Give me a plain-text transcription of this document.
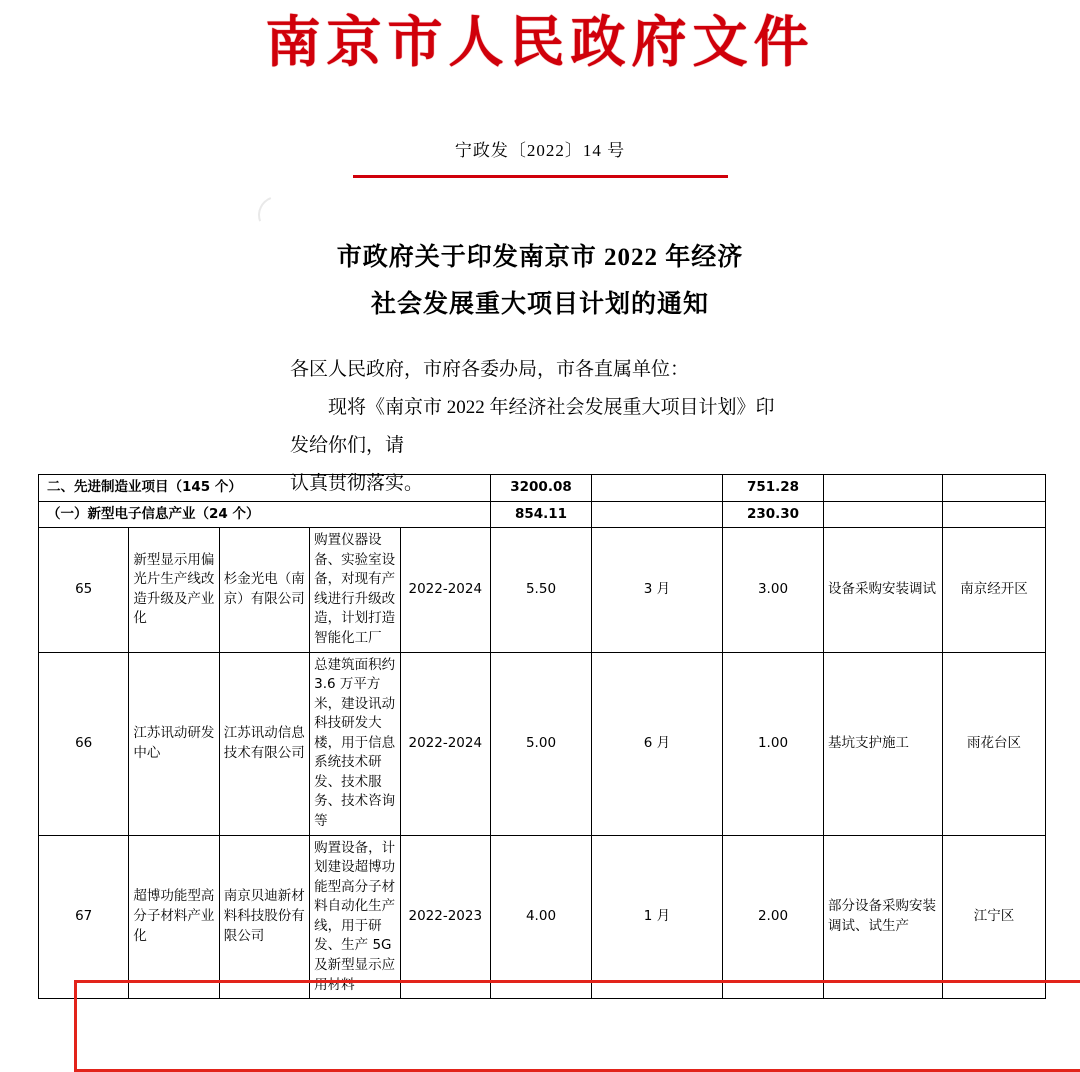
南京市人民政府文件
宁政发〔2022〕14 号
市政府关于印发南京市 2022 年经济
社会发展重大项目计划的通知

各区人民政府，市府各委办局，市各直属单位：

现将《南京市 2022 年经济社会发展重大项目计划》印发给你们，请

认真贯彻落实。

二、先进制造业项目（145 个）					3200.08		751.28		
（一）新型电子信息产业（24 个）					854.11		230.30		
65	新型显示用偏光片生产线改造升级及产业化	杉金光电（南京）有限公司	购置仪器设备、实验室设备，对现有产线进行升级改造，计划打造智能化工厂	2022-2024	5.50	3 月	3.00	设备采购安装调试	南京经开区
66	江苏讯动研发中心	江苏讯动信息技术有限公司	总建筑面积约 3.6 万平方米，建设讯动科技研发大楼，用于信息系统技术研发、技术服务、技术咨询等	2022-2024	5.00	6 月	1.00	基坑支护施工	雨花台区
67	超博功能型高分子材料产业化	南京贝迪新材料科技股份有限公司	购置设备，计划建设超博功能型高分子材料自动化生产线，用于研发、生产 5G 及新型显示应用材料	2022-2023	4.00	1 月	2.00	部分设备采购安装调试、试生产	江宁区
